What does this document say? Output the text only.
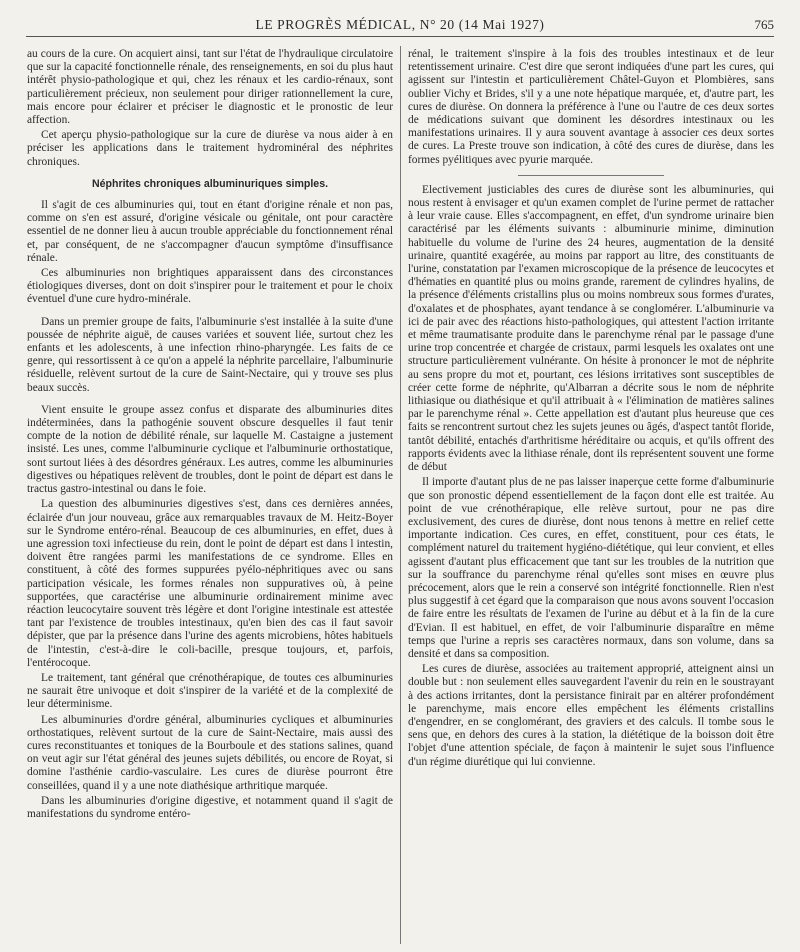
LE PROGRÈS MÉDICAL, N° 20 (14 Mai 1927)	765

au cours de la cure. On acquiert ainsi, tant sur l'état de l'hydraulique circulatoire que sur la capacité fonctionnelle rénale, des renseignements, en soi du plus haut intérêt physio-pathologique et qui, chez les rénaux et les cardio-rénaux, sont particulièrement précieux, non seulement pour diriger rationnellement la cure, mais encore pour éclairer et préciser le diagnostic et le pronostic de leur affection.

Cet aperçu physio-pathologique sur la cure de diurèse va nous aider à en préciser les applications dans le traitement hydrominéral des néphrites chroniques.

Néphrites chroniques albuminuriques simples.

Il s'agit de ces albuminuries qui, tout en étant d'origine rénale et non pas, comme on s'en est assuré, d'origine vésicale ou génitale, ont pour caractère essentiel de ne donner lieu à aucun trouble appréciable du fonctionnement rénal et, par conséquent, de ne s'accompagner d'aucun symptôme d'insuffisance rénale.

Ces albuminuries non brightiques apparaissent dans des circonstances étiologiques diverses, dont on doit s'inspirer pour le traitement et pour le choix éventuel d'une cure hydro-minérale.

Dans un premier groupe de faits, l'albuminurie s'est installée à la suite d'une poussée de néphrite aiguë, de causes variées et souvent liée, surtout chez les enfants et les adolescents, à une infection rhino-pharyngée. Les faits de ce genre, qui ressortissent à ce qu'on a appelé la néphrite parcellaire, l'albuminurie résiduelle, relèvent surtout de la cure de Saint-Nectaire, qui y trouve ses plus beaux succès.

Vient ensuite le groupe assez confus et disparate des albuminuries dites indéterminées, dans la pathogénie souvent obscure desquelles il faut tenir compte de la notion de débilité rénale, sur laquelle M. Castaigne a justement insisté. Les unes, comme l'albuminurie cyclique et l'albuminurie orthostatique, sont surtout liées à des désordres généraux. Les autres, comme les albuminuries digestives ou hépatiques relèvent de troubles, dont le point de départ est dans le tractus gastro-intestinal ou dans le foie.

La question des albuminuries digestives s'est, dans ces dernières années, éclairée d'un jour nouveau, grâce aux remarquables travaux de M. Heitz-Boyer sur le Syndrome entéro-rénal. Beaucoup de ces albuminuries, en effet, dues à une agression toxi infectieuse du rein, dont le point de départ est dans l intestin, doivent être rangées parmi les manifestations de ce syndrome. Elles en constituent, à côté des formes suppurées pyélo-néphritiques avec ou sans participation vésicale, les formes rénales non suppuratives où, à peine supportées, que caractérise une albuminurie ordinairement minime avec réaction leucocytaire souvent très légère et dont l'origine intestinale est attestée tant par l'existence de troubles intestinaux, qu'en bien des cas il faut savoir dépister, que par la présence dans l'urine des agents microbiens, hôtes habituels de l'intestin, c'est-à-dire le coli-bacille, presque toujours, et, parfois, l'entérocoque.

Le traitement, tant général que crénothérapique, de toutes ces albuminuries ne saurait être univoque et doit s'inspirer de la variété et de la complexité de leur déterminisme.

Les albuminuries d'ordre général, albuminuries cycliques et albuminuries orthostatiques, relèvent surtout de la cure de Saint-Nectaire, mais aussi des cures reconstituantes et toniques de la Bourboule et des stations salines, quand on veut agir sur l'état général des jeunes sujets débilités, ou encore de Royat, si domine l'asthénie cardio-vasculaire. Les cures de diurèse pourront être conseillées, quand il y a une note diathésique arthritique marquée.

Dans les albuminuries d'origine digestive, et notamment quand il s'agit de manifestations du syndrome entéro-

rénal, le traitement s'inspire à la fois des troubles intestinaux et de leur retentissement urinaire. C'est dire que seront indiquées d'une part les cures, qui agissent sur l'intestin et particulièrement Châtel-Guyon et Plombières, sans oublier Vichy et Brides, s'il y a une note hépatique marquée, et, d'autre part, les cures de diurèse. On donnera la préférence à l'une ou l'autre de ces deux sortes de médications suivant que dominent les désordres intestinaux ou les manifestations urinaires. Il y aura souvent avantage à associer ces deux sortes de cures. La Preste trouve son indication, à côté des cures de diurèse, dans les formes pyélitiques avec pyurie marquée.

Electivement justiciables des cures de diurèse sont les albuminuries, qui nous restent à envisager et qu'un examen complet de l'urine permet de rattacher à leur vraie cause. Elles s'accompagnent, en effet, d'un syndrome urinaire bien caractérisé par les éléments suivants : albuminurie minime, diminution habituelle du volume de l'urine des 24 heures, augmentation de la densité urinaire, quantité exagérée, au moins par rapport au litre, des constituants de l'urine, constatation par l'examen microscopique de la présence de leucocytes et d'hématies en quantité plus ou moins grande, rarement de cylindres hyalins, de la présence d'éléments cristallins plus ou moins nombreux sous formes d'urates, d'oxalates et de phosphates, ayant tendance à se conglomérer. L'albuminurie va ici de pair avec des réactions histo-pathologiques, qui attestent l'action irritante et même traumatisante produite dans le parenchyme rénal par le passage d'une urine trop concentrée et chargée de cristaux, parmi lesquels les oxalates ont une structure particulièrement vulnérante. On hésite à prononcer le mot de néphrite au sens propre du mot et, pourtant, ces lésions irritatives sont susceptibles de créer cette forme de néphrite, qu'Albarran a décrite sous le nom de néphrite lithiasique ou diathésique et qu'il attribuait à « l'élimination de matières salines par le parenchyme rénal ». Cette appellation est d'autant plus heureuse que ces faits se rencontrent surtout chez les sujets jeunes ou âgés, d'aspect tantôt floride, tantôt débilité, entachés d'arthritisme héréditaire ou acquis, et qu'ils offrent des rapports évidents avec la lithiase rénale, dont ils représentent souvent une forme de début

Il importe d'autant plus de ne pas laisser inaperçue cette forme d'albuminurie que son pronostic dépend essentiellement de la façon dont elle est traitée. Au point de vue crénothérapique, elle relève surtout, pour ne pas dire exclusivement, des cures de diurèse, dont nous tenons à mettre en relief cette importante indication. Ces cures, en effet, constituent, pour ces états, le complément naturel du traitement hygiéno-diététique, qui leur convient, et elles agissent d'autant plus efficacement que tant sur les troubles de la nutrition que sur la souffrance du parenchyme rénal qu'elles sont mises en œuvre plus précocement, alors que le rein a conservé son intégrité fonctionnelle. Rien n'est plus suggestif à cet égard que la comparaison que nous avons souvent l'occasion de faire entre les résultats de l'examen de l'urine au début et à la fin de la cure d'Evian. Il est habituel, en effet, de voir l'albuminurie disparaître en même temps que l'urine a repris ses caractères normaux, dans son volume, dans sa densité et dans sa composition.

Les cures de diurèse, associées au traitement approprié, atteignent ainsi un double but : non seulement elles sauvegardent l'avenir du rein en le soustrayant à des actions irritantes, dont la persistance finirait par en altérer profondément le parenchyme, mais encore elles empêchent les éléments cristallins d'engendrer, en se conglomérant, des graviers et des calculs. Il tombe sous le sens que, en dehors des cures à la station, la diététique de la boisson doit être l'objet d'une attention spéciale, de façon à maintenir le sujet sous l'influence d'un régime diurétique qui lui convienne.
